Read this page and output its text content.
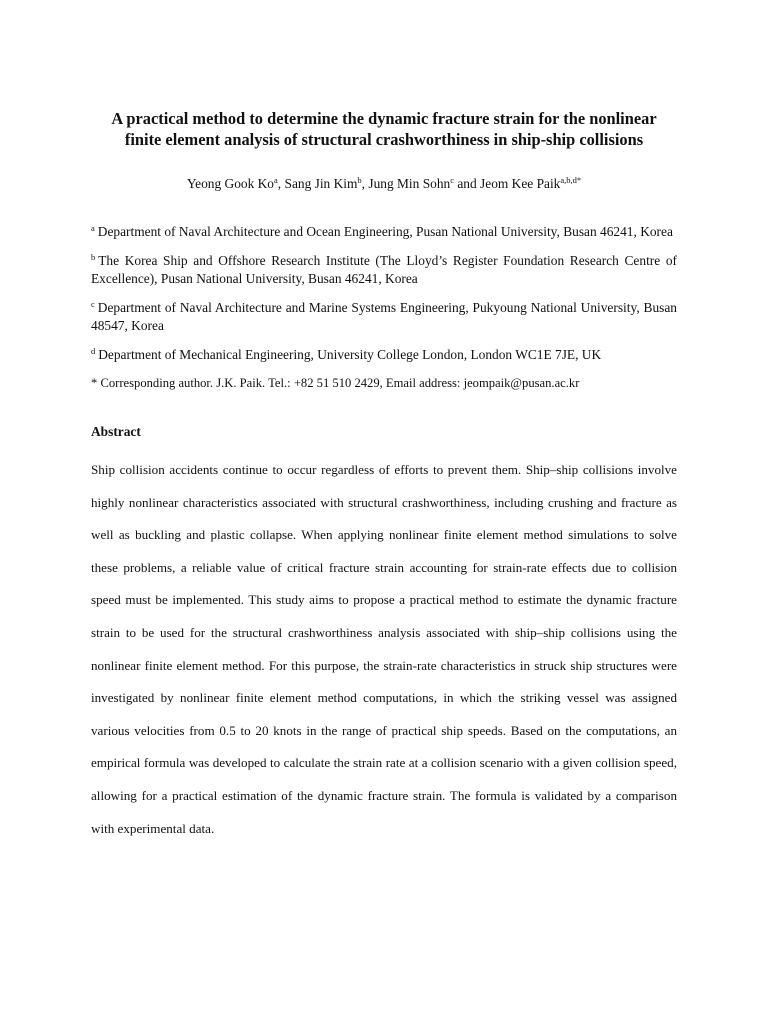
A practical method to determine the dynamic fracture strain for the nonlinear
finite element analysis of structural crashworthiness in ship-ship collisions

Yeong Gook Ko$^a$, Sang Jin Kim$^b$, Jung Min Sohn$^c$ and Jeom Kee Paik$^{a,b,d*}$

$^a$ Department of Naval Architecture and Ocean Engineering, Pusan National University, Busan 46241, Korea

$^b$ The Korea Ship and Offshore Research Institute (The Lloyd’s Register Foundation Research Centre of Excellence), Pusan National University, Busan 46241, Korea

$^c$ Department of Naval Architecture and Marine Systems Engineering, Pukyoung National University, Busan 48547, Korea

$^d$ Department of Mechanical Engineering, University College London, London WC1E 7JE, UK

* Corresponding author. J.K. Paik. Tel.: +82 51 510 2429, Email address: jeompaik@pusan.ac.kr

Abstract

Ship collision accidents continue to occur regardless of efforts to prevent them. Ship–ship collisions involve highly nonlinear characteristics associated with structural crashworthiness, including crushing and fracture as well as buckling and plastic collapse. When applying nonlinear finite element method simulations to solve these problems, a reliable value of critical fracture strain accounting for strain-rate effects due to collision speed must be implemented. This study aims to propose a practical method to estimate the dynamic fracture strain to be used for the structural crashworthiness analysis associated with ship–ship collisions using the nonlinear finite element method. For this purpose, the strain-rate characteristics in struck ship structures were investigated by nonlinear finite element method computations, in which the striking vessel was assigned various velocities from 0.5 to 20 knots in the range of practical ship speeds. Based on the computations, an empirical formula was developed to calculate the strain rate at a collision scenario with a given collision speed, allowing for a practical estimation of the dynamic fracture strain. The formula is validated by a comparison with experimental data.
